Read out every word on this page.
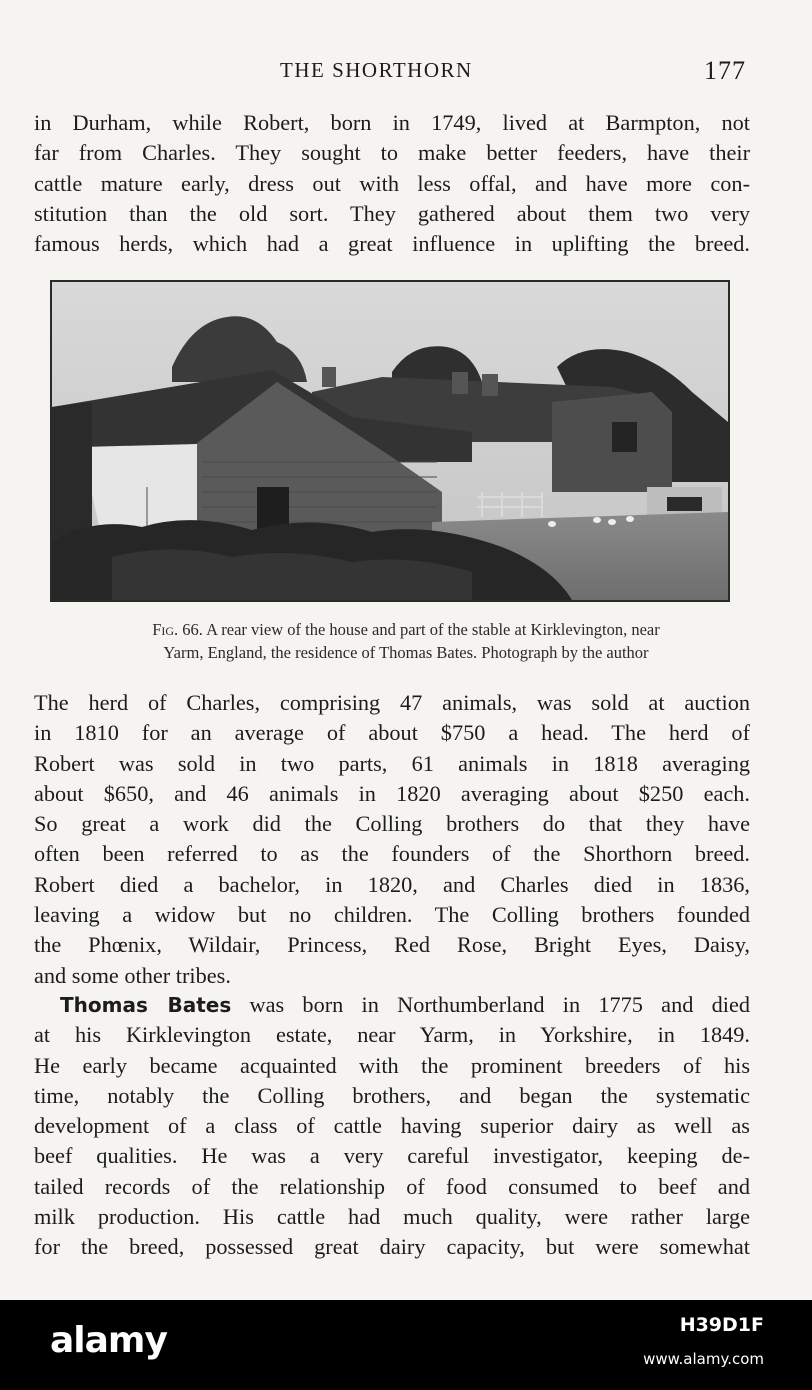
THE SHORTHORN	177

in Durham, while Robert, born in 1749, lived at Barmpton, not
far from Charles. They sought to make better feeders, have their
cattle mature early, dress out with less offal, and have more con-
stitution than the old sort. They gathered about them two very
famous herds, which had a great influence in uplifting the breed.

Fig. 66. A rear view of the house and part of the stable at Kirklevington, near
Yarm, England, the residence of Thomas Bates. Photograph by the author

The herd of Charles, comprising 47 animals, was sold at auction
in 1810 for an average of about $750 a head. The herd of
Robert was sold in two parts, 61 animals in 1818 averaging
about $650, and 46 animals in 1820 averaging about $250 each.
So great a work did the Colling brothers do that they have
often been referred to as the founders of the Shorthorn breed.
Robert died a bachelor, in 1820, and Charles died in 1836,
leaving a widow but no children. The Colling brothers founded
the Phœnix, Wildair, Princess, Red Rose, Bright Eyes, Daisy,
and some other tribes.

Thomas Bates was born in Northumberland in 1775 and died
at his Kirklevington estate, near Yarm, in Yorkshire, in 1849.
He early became acquainted with the prominent breeders of his
time, notably the Colling brothers, and began the systematic
development of a class of cattle having superior dairy as well as
beef qualities. He was a very careful investigator, keeping de-
tailed records of the relationship of food consumed to beef and
milk production. His cattle had much quality, were rather large
for the breed, possessed great dairy capacity, but were somewhat

alamy	H39D1F
www.alamy.com
